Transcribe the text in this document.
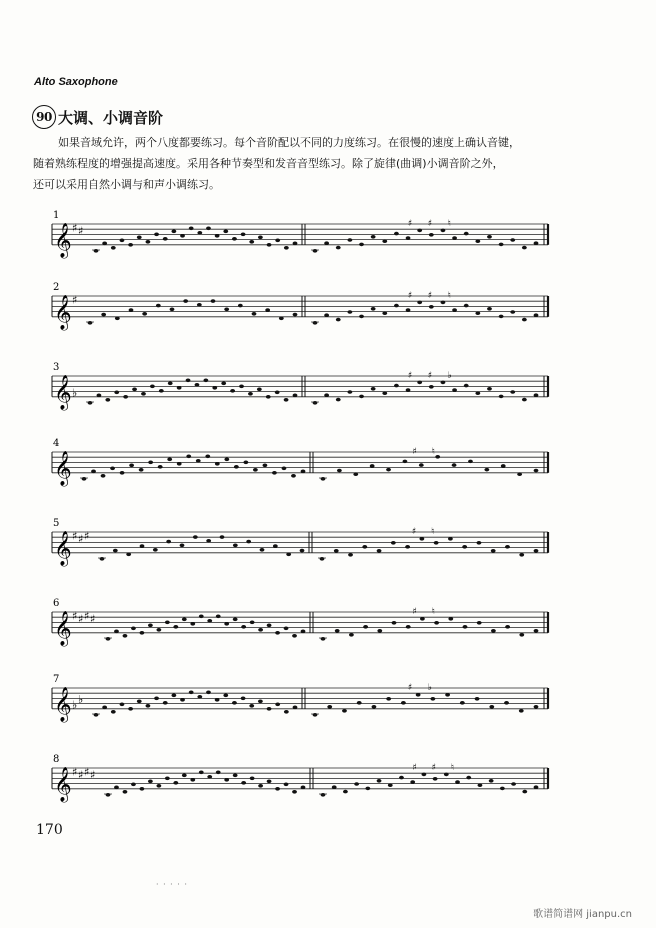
Alto Saxophone
90 大调、小调音阶

如果音域允许，两个八度都要练习。每个音阶配以不同的力度练习。在很慢的速度上确认音键，

随着熟练程度的增强提高速度。采用各种节奏型和发音音型练习。除了旋律(曲调)小调音阶之外，

还可以采用自然小调与和声小调练习。

1
𝄞 ♯ ♯
♯ ♯ ♮
2
𝄞 ♯	♯ ♯ ♮
3
𝄞 ♭
♯ ♯ ♭
4
𝄞	♯ ♮
5
𝄞 ♯ ♯ ♯	♯ ♮
6
𝄞 ♯ ♯ ♯ ♯
♯ ♮
7
𝄞 ♭ ♭
♯ ♭
8
𝄞 ♯ ♯ ♯ ♯
♯ ♯ ♮
170
· · · · ·
歌谱简谱网 jianpu.cn
